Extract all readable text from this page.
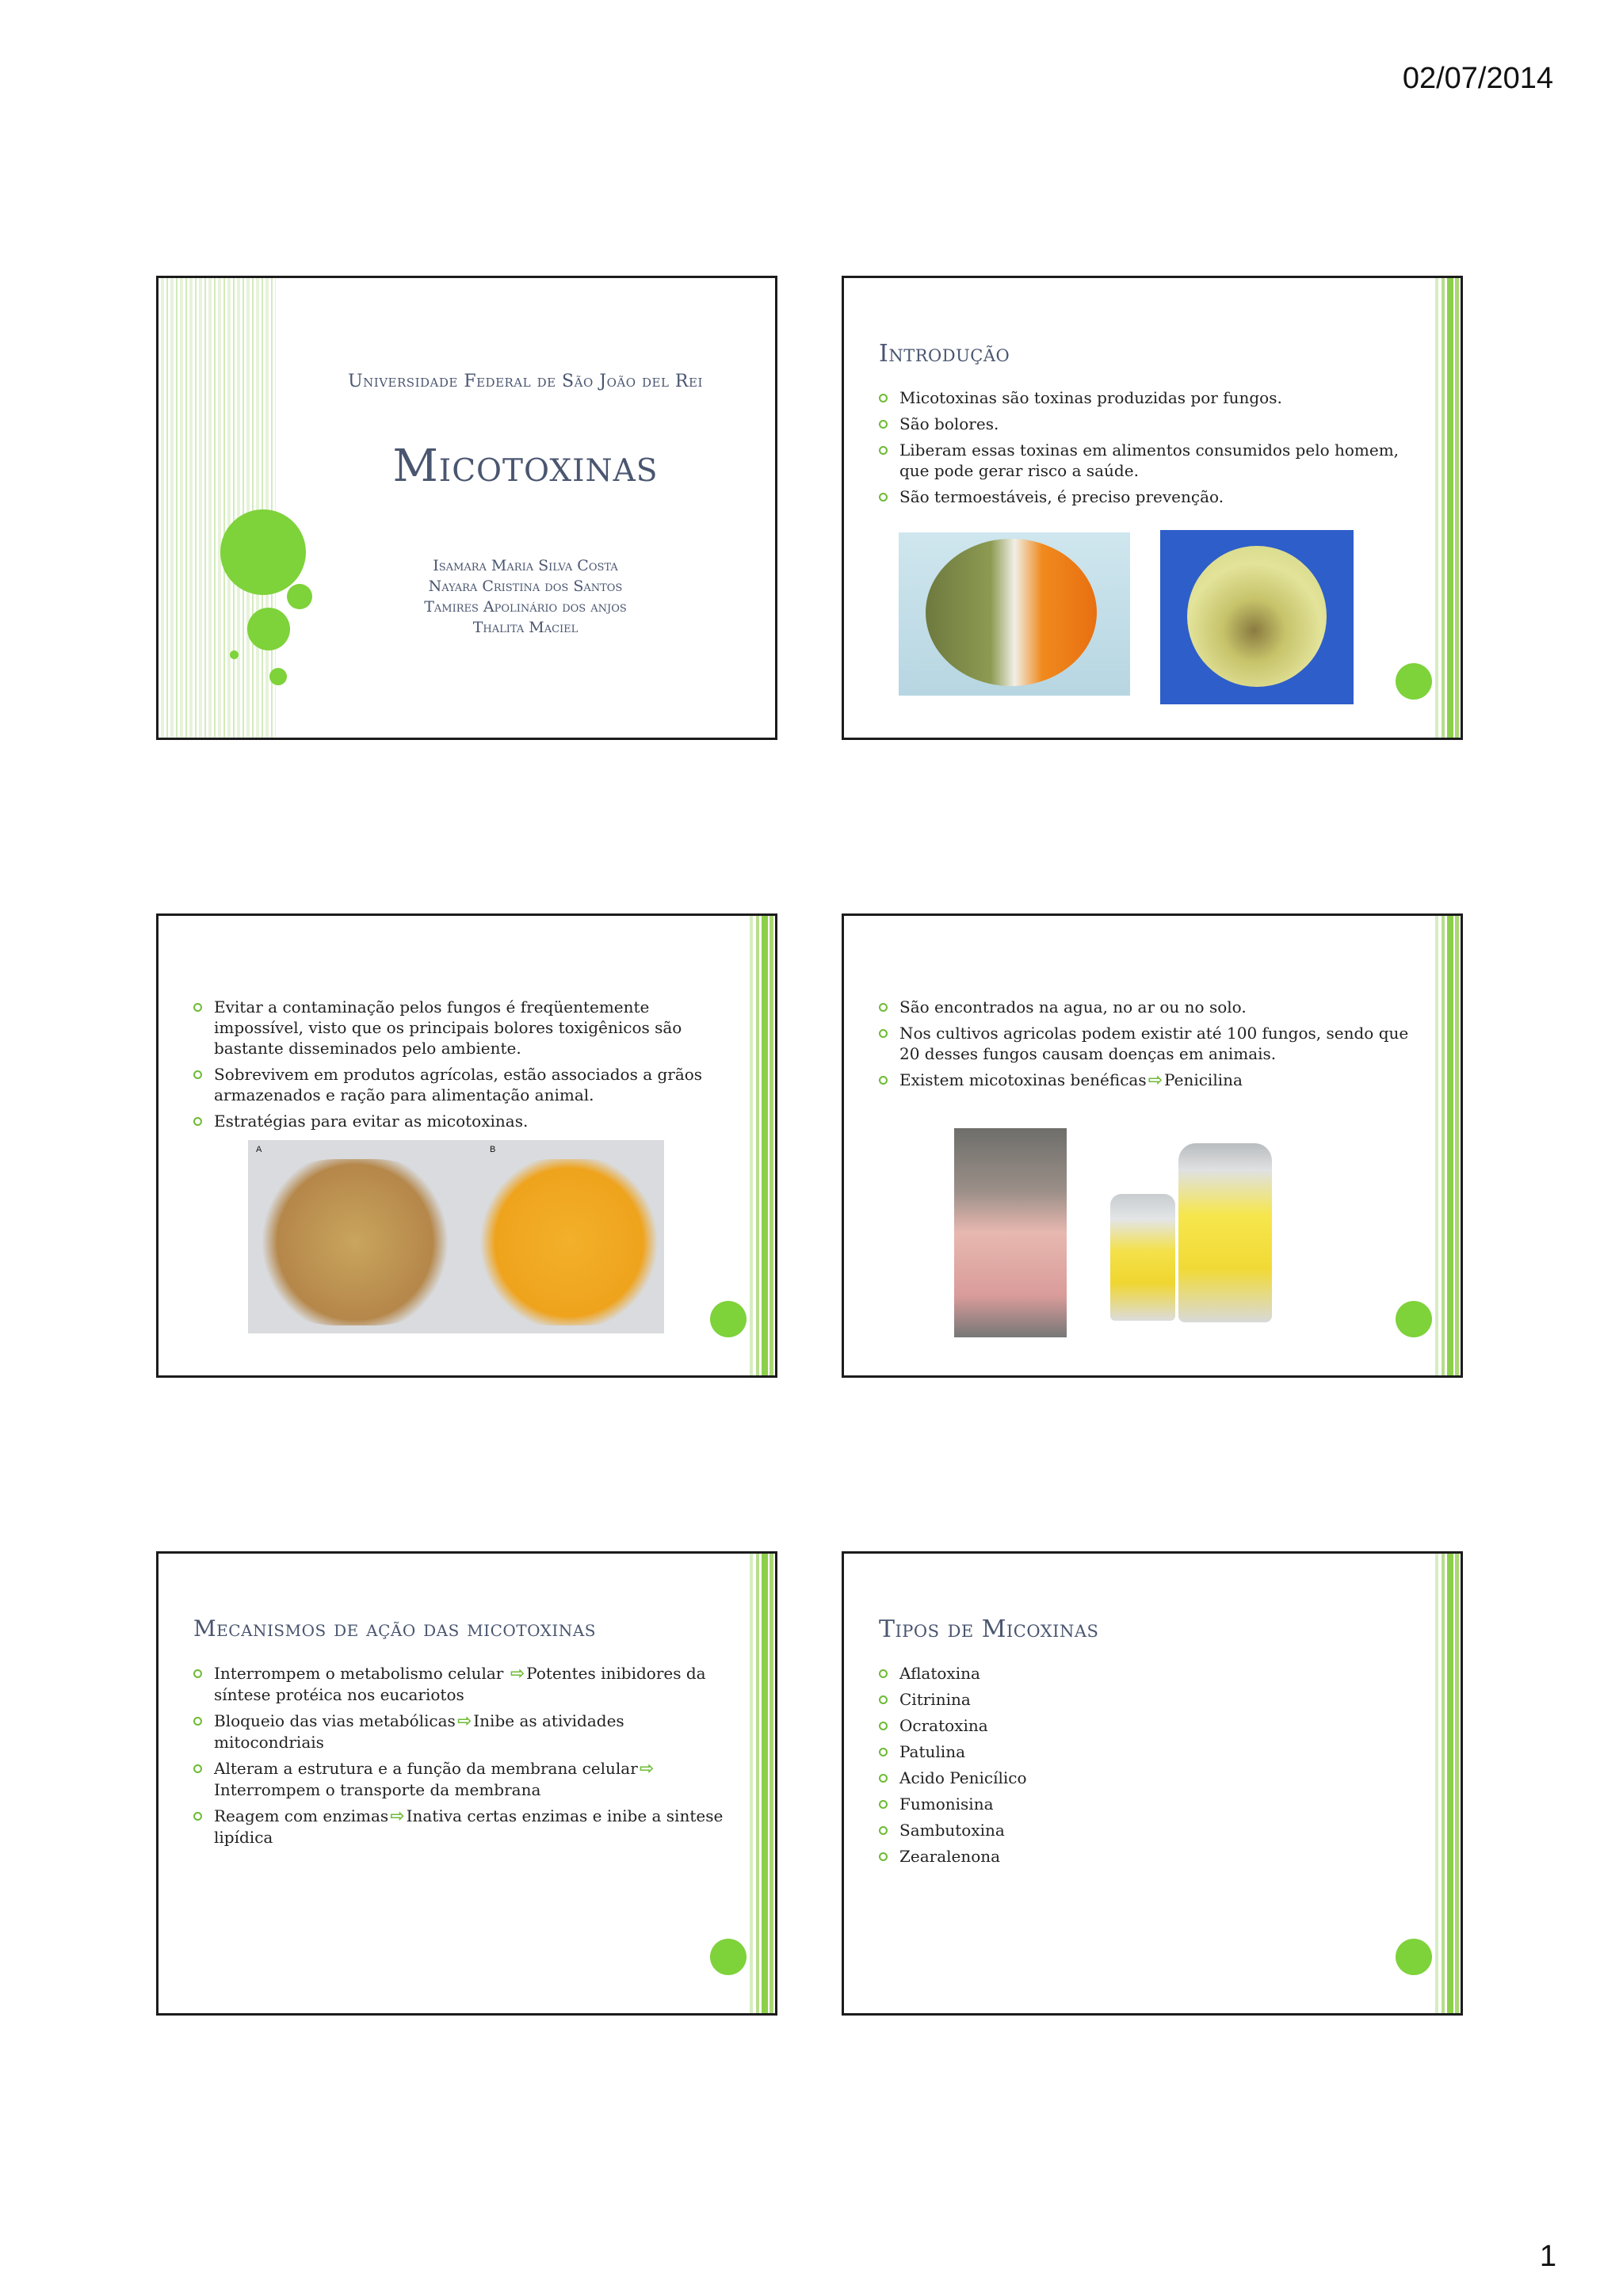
02/07/2014
Universidade Federal de São João del Rei
Micotoxinas
Isamara Maria Silva Costa
Nayara Cristina dos Santos
Tamires Apolinário dos anjos
Thalita Maciel
Introdução
Micotoxinas são toxinas produzidas por fungos.
São bolores.
Liberam essas toxinas em alimentos consumidos pelo homem, que pode gerar risco a saúde.
São termoestáveis, é preciso prevenção.
Evitar a contaminação pelos fungos é freqüentemente impossível, visto que os principais bolores toxigênicos são bastante disseminados pelo ambiente.
Sobrevivem em produtos agrícolas, estão associados a grãos armazenados e ração para alimentação animal.
Estratégias para evitar as micotoxinas.
A	B
São encontrados na agua, no ar ou no solo.
Nos cultivos agricolas podem existir até 100 fungos, sendo que 20 desses fungos causam doenças em animais.
Existem micotoxinas benéficas⇨ Penicilina
Mecanismos de ação das micotoxinas
Interrompem o metabolismo celular ⇨ Potentes inibidores da síntese protéica nos eucariotos
Bloqueio das vias metabólicas⇨ Inibe as atividades mitocondriais
Alteram a estrutura e a função da membrana celular⇨ Interrompem o transporte da membrana
Reagem com enzimas⇨ Inativa certas enzimas e inibe a sintese lipídica
Tipos de Micoxinas
Aflatoxina
Citrinina
Ocratoxina
Patulina
Acido Penicílico
Fumonisina
Sambutoxina
Zearalenona
1
